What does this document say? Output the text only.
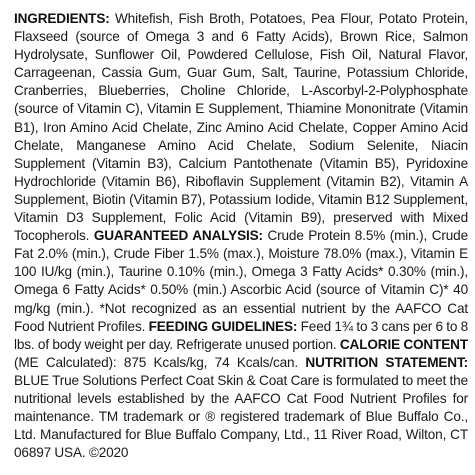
INGREDIENTS: Whitefish, Fish Broth, Potatoes, Pea Flour, Potato Protein, Flaxseed (source of Omega 3 and 6 Fatty Acids), Brown Rice, Salmon Hydrolysate, Sunflower Oil, Powdered Cellulose, Fish Oil, Natural Flavor, Carrageenan, Cassia Gum, Guar Gum, Salt, Taurine, Potassium Chloride, Cranberries, Blueberries, Choline Chloride, L-Ascorbyl-2-Polyphosphate (source of Vitamin C), Vitamin E Supplement, Thiamine Mononitrate (Vitamin B1), Iron Amino Acid Chelate, Zinc Amino Acid Chelate, Copper Amino Acid Chelate, Manganese Amino Acid Chelate, Sodium Selenite, Niacin Supplement (Vitamin B3), Calcium Pantothenate (Vitamin B5), Pyridoxine Hydrochloride (Vitamin B6), Riboflavin Supplement (Vitamin B2), Vitamin A Supplement, Biotin (Vitamin B7), Potassium Iodide, Vitamin B12 Supplement, Vitamin D3 Supplement, Folic Acid (Vitamin B9), preserved with Mixed Tocopherols. GUARANTEED ANALYSIS: Crude Protein 8.5% (min.), Crude Fat 2.0% (min.), Crude Fiber 1.5% (max.), Moisture 78.0% (max.), Vitamin E 100 IU/kg (min.), Taurine 0.10% (min.), Omega 3 Fatty Acids* 0.30% (min.), Omega 6 Fatty Acids* 0.50% (min.) Ascorbic Acid (source of Vitamin C)* 40 mg/kg (min.). *Not recognized as an essential nutrient by the AAFCO Cat Food Nutrient Profiles. FEEDING GUIDELINES: Feed 1¾ to 3 cans per 6 to 8 lbs. of body weight per day. Refrigerate unused portion. CALORIE CONTENT (ME Calculated): 875 Kcals/kg, 74 Kcals/can. NUTRITION STATEMENT: BLUE True Solutions Perfect Coat Skin & Coat Care is formulated to meet the nutritional levels established by the AAFCO Cat Food Nutrient Profiles for maintenance. TM trademark or ® registered trademark of Blue Buffalo Co., Ltd. Manufactured for Blue Buffalo Company, Ltd., 11 River Road, Wilton, CT 06897 USA. ©2020
